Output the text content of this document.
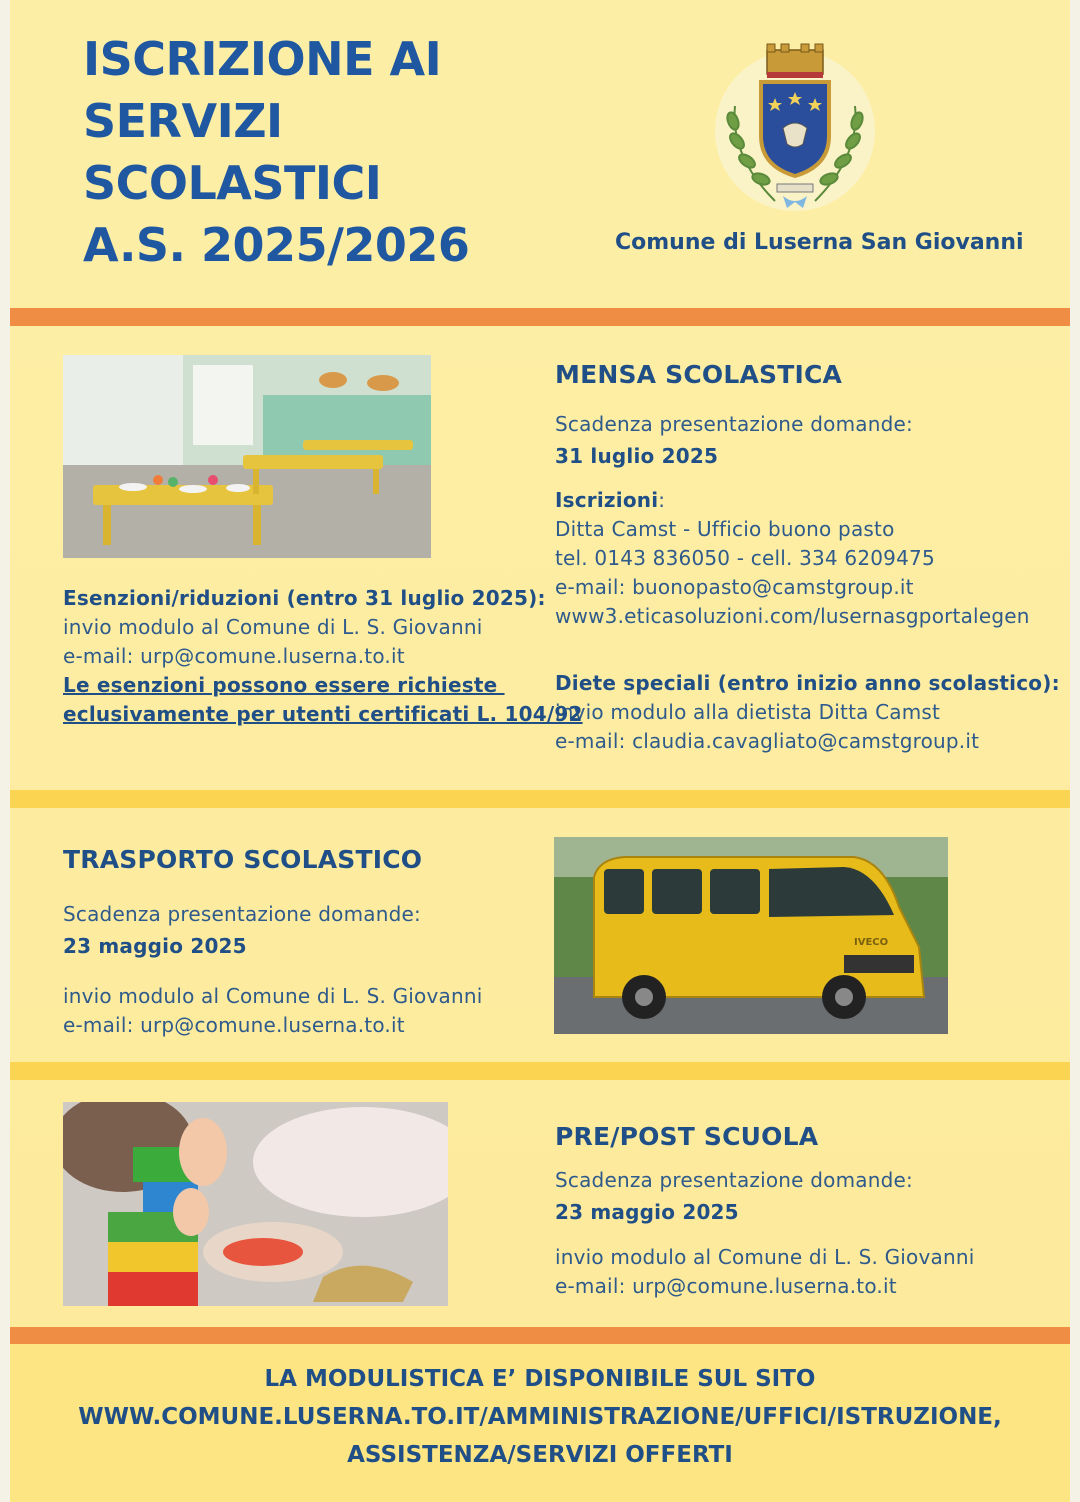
ISCRIZIONE AI
SERVIZI
SCOLASTICI
A.S. 2025/2026	Comune di Luserna San Giovanni
MENSA SCOLASTICA
Scadenza presentazione domande:
31 luglio 2025
Iscrizioni:
Ditta Camst - Ufficio buono pasto
tel. 0143 836050 - cell. 334 6209475
e-mail: buonopasto@camstgroup.it
www3.eticasoluzioni.com/lusernasgportalegen
Diete speciali (entro inizio anno scolastico):
invio modulo alla dietista Ditta Camst
e-mail: claudia.cavagliato@camstgroup.it
Esenzioni/riduzioni (entro 31 luglio 2025):
invio modulo al Comune di L. S. Giovanni
e-mail: urp@comune.luserna.to.it
Le esenzioni possono essere richieste
eclusivamente per utenti certificati L. 104/92
TRASPORTO SCOLASTICO
Scadenza presentazione domande:
23 maggio 2025
invio modulo al Comune di L. S. Giovanni
e-mail: urp@comune.luserna.to.it
IVECO
PRE/POST SCUOLA
Scadenza presentazione domande:
23 maggio 2025
invio modulo al Comune di L. S. Giovanni
e-mail: urp@comune.luserna.to.it
LA MODULISTICA E’ DISPONIBILE SUL SITO
WWW.COMUNE.LUSERNA.TO.IT/AMMINISTRAZIONE/UFFICI/ISTRUZIONE,
ASSISTENZA/SERVIZI OFFERTI
